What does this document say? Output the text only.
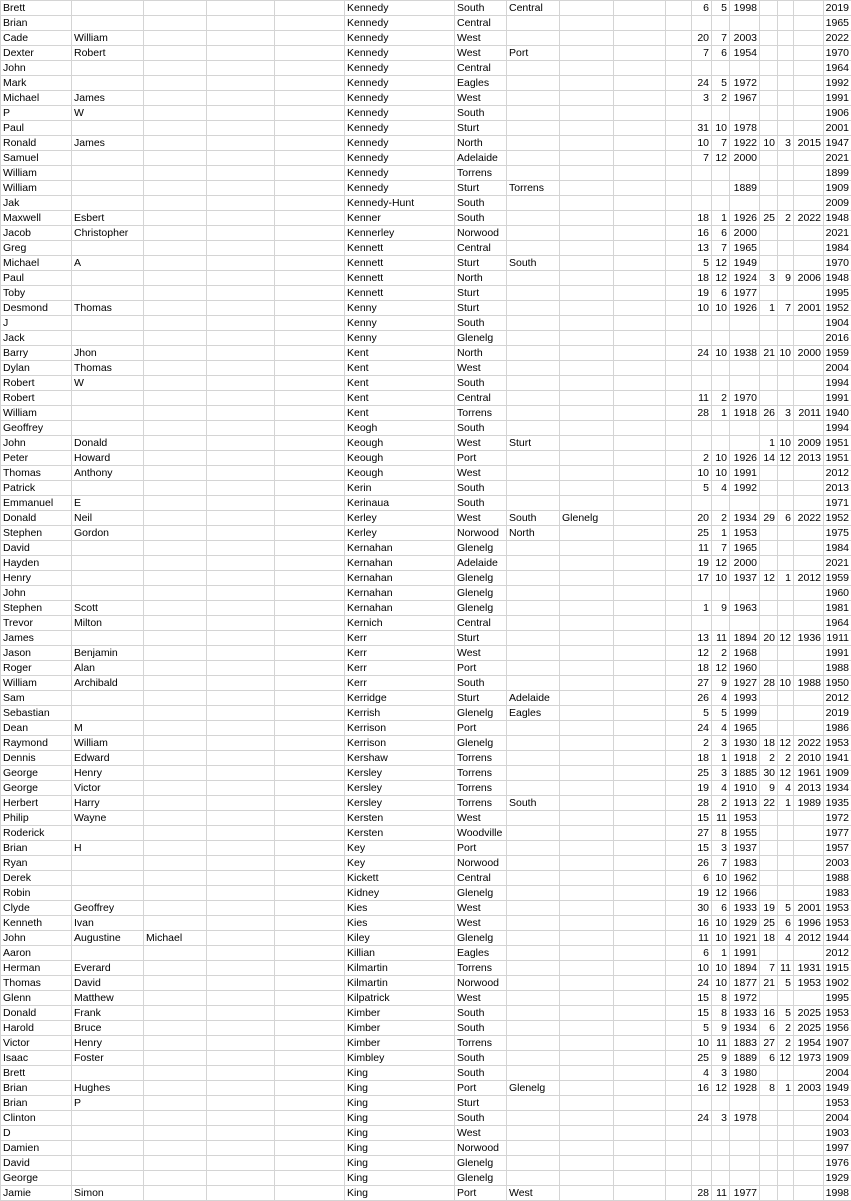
Brett					Kennedy	South	Central				6	5	1998				2019
Brian					Kennedy	Central											1965
Cade	William				Kennedy	West					20	7	2003				2022
Dexter	Robert				Kennedy	West	Port				7	6	1954				1970
John					Kennedy	Central											1964
Mark					Kennedy	Eagles					24	5	1972				1992
Michael	James				Kennedy	West					3	2	1967				1991
P	W				Kennedy	South											1906
Paul					Kennedy	Sturt					31	10	1978				2001
Ronald	James				Kennedy	North					10	7	1922	10	3	2015	1947
Samuel					Kennedy	Adelaide					7	12	2000				2021
William					Kennedy	Torrens											1899
William					Kennedy	Sturt	Torrens						1889				1909
Jak					Kennedy-Hunt	South											2009
Maxwell	Esbert				Kenner	South					18	1	1926	25	2	2022	1948
Jacob	Christopher				Kennerley	Norwood					16	6	2000				2021
Greg					Kennett	Central					13	7	1965				1984
Michael	A				Kennett	Sturt	South				5	12	1949				1970
Paul					Kennett	North					18	12	1924	3	9	2006	1948
Toby					Kennett	Sturt					19	6	1977				1995
Desmond	Thomas				Kenny	Sturt					10	10	1926	1	7	2001	1952
J					Kenny	South											1904
Jack					Kenny	Glenelg											2016
Barry	Jhon				Kent	North					24	10	1938	21	10	2000	1959
Dylan	Thomas				Kent	West											2004
Robert	W				Kent	South											1994
Robert					Kent	Central					11	2	1970				1991
William					Kent	Torrens					28	1	1918	26	3	2011	1940
Geoffrey					Keogh	South											1994
John	Donald				Keough	West	Sturt							1	10	2009	1951
Peter	Howard				Keough	Port					2	10	1926	14	12	2013	1951
Thomas	Anthony				Keough	West					10	10	1991				2012
Patrick					Kerin	South					5	4	1992				2013
Emmanuel	E				Kerinaua	South											1971
Donald	Neil				Kerley	West	South	Glenelg			20	2	1934	29	6	2022	1952
Stephen	Gordon				Kerley	Norwood	North				25	1	1953				1975
David					Kernahan	Glenelg					11	7	1965				1984
Hayden					Kernahan	Adelaide					19	12	2000				2021
Henry					Kernahan	Glenelg					17	10	1937	12	1	2012	1959
John					Kernahan	Glenelg											1960
Stephen	Scott				Kernahan	Glenelg					1	9	1963				1981
Trevor	Milton				Kernich	Central											1964
James					Kerr	Sturt					13	11	1894	20	12	1936	1911
Jason	Benjamin				Kerr	West					12	2	1968				1991
Roger	Alan				Kerr	Port					18	12	1960				1988
William	Archibald				Kerr	South					27	9	1927	28	10	1988	1950
Sam					Kerridge	Sturt	Adelaide				26	4	1993				2012
Sebastian					Kerrish	Glenelg	Eagles				5	5	1999				2019
Dean	M				Kerrison	Port					24	4	1965				1986
Raymond	William				Kerrison	Glenelg					2	3	1930	18	12	2022	1953
Dennis	Edward				Kershaw	Torrens					18	1	1918	2	2	2010	1941
George	Henry				Kersley	Torrens					25	3	1885	30	12	1961	1909
George	Victor				Kersley	Torrens					19	4	1910	9	4	2013	1934
Herbert	Harry				Kersley	Torrens	South				28	2	1913	22	1	1989	1935
Philip	Wayne				Kersten	West					15	11	1953				1972
Roderick					Kersten	Woodville					27	8	1955				1977
Brian	H				Key	Port					15	3	1937				1957
Ryan					Key	Norwood					26	7	1983				2003
Derek					Kickett	Central					6	10	1962				1988
Robin					Kidney	Glenelg					19	12	1966				1983
Clyde	Geoffrey				Kies	West					30	6	1933	19	5	2001	1953
Kenneth	Ivan				Kies	West					16	10	1929	25	6	1996	1953
John	Augustine	Michael			Kiley	Glenelg					11	10	1921	18	4	2012	1944
Aaron					Killian	Eagles					6	1	1991				2012
Herman	Everard				Kilmartin	Torrens					10	10	1894	7	11	1931	1915
Thomas	David				Kilmartin	Norwood					24	10	1877	21	5	1953	1902
Glenn	Matthew				Kilpatrick	West					15	8	1972				1995
Donald	Frank				Kimber	South					15	8	1933	16	5	2025	1953
Harold	Bruce				Kimber	South					5	9	1934	6	2	2025	1956
Victor	Henry				Kimber	Torrens					10	11	1883	27	2	1954	1907
Isaac	Foster				Kimbley	South					25	9	1889	6	12	1973	1909
Brett					King	South					4	3	1980				2004
Brian	Hughes				King	Port	Glenelg				16	12	1928	8	1	2003	1949
Brian	P				King	Sturt											1953
Clinton					King	South					24	3	1978				2004
D					King	West											1903
Damien					King	Norwood											1997
David					King	Glenelg											1976
George					King	Glenelg											1929
Jamie	Simon				King	Port	West				28	11	1977				1998
